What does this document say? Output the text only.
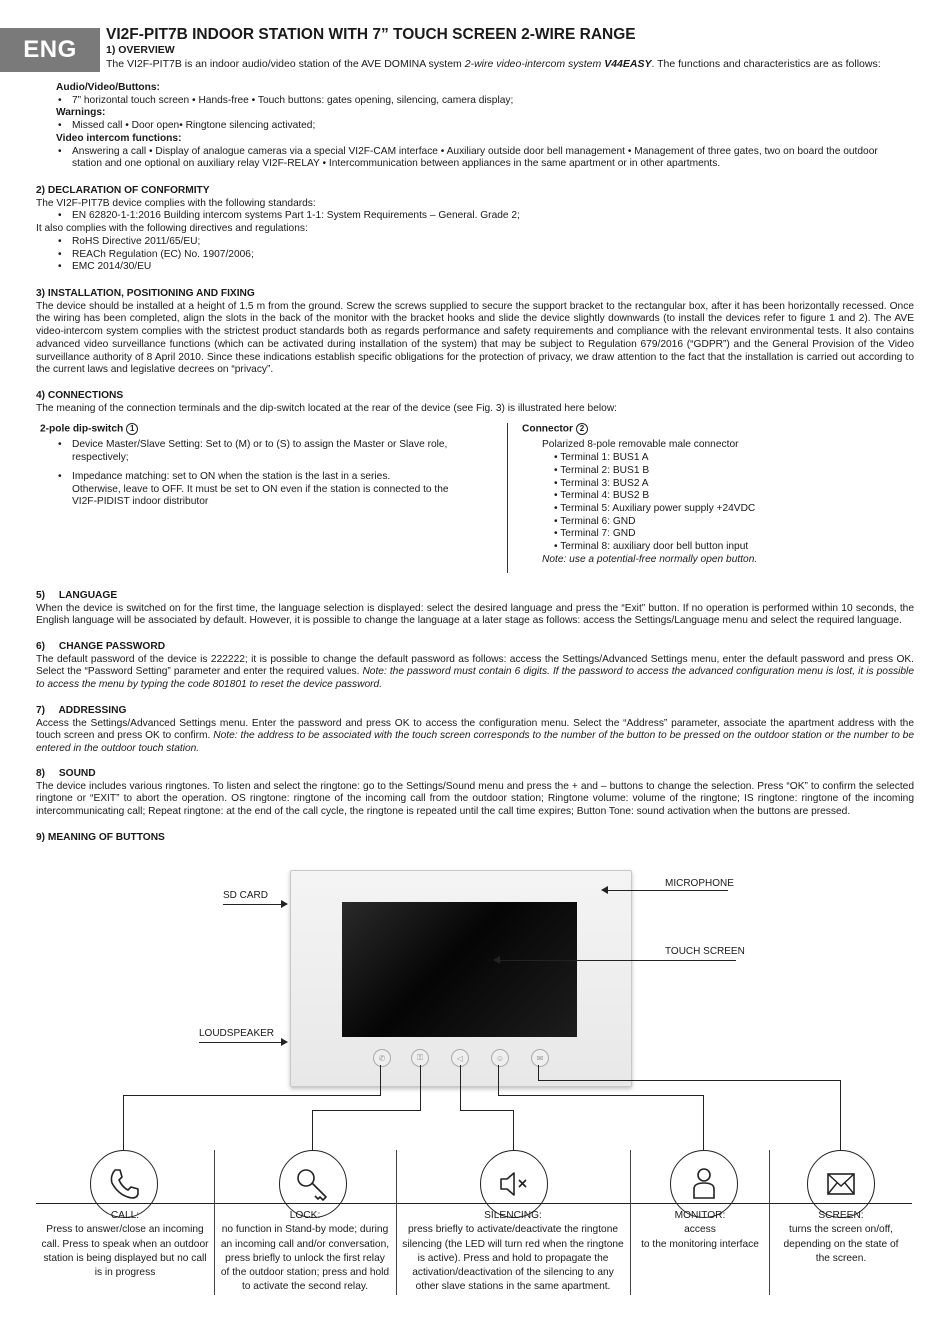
ENG
VI2F-PIT7B INDOOR STATION WITH 7” TOUCH SCREEN 2-WIRE RANGE
1) OVERVIEW
The VI2F-PIT7B is an indoor audio/video station of the AVE DOMINA system 2-wire video-intercom system V44EASY. The functions and characteristics are as follows:
Audio/Video/Buttons:
• 7” horizontal touch screen • Hands-free • Touch buttons: gates opening, silencing, camera display;
Warnings:
• Missed call • Door open• Ringtone silencing activated;
Video intercom functions:
• Answering a call • Display of analogue cameras via a special VI2F-CAM interface • Auxiliary outside door bell management • Management of three gates, two on board the outdoor station and one optional on auxiliary relay VI2F-RELAY • Intercommunication between appliances in the same apartment or in other apartments.
2) DECLARATION OF CONFORMITY

The VI2F-PIT7B device complies with the following standards:

• EN 62820-1-1:2016 Building intercom systems Part 1-1: System Requirements – General. Grade 2;

It also complies with the following directives and regulations:

• RoHS Directive 2011/65/EU;
• REACh Regulation (EC) No. 1907/2006;
• EMC 2014/30/EU
3) INSTALLATION, POSITIONING AND FIXING

The device should be installed at a height of 1.5 m from the ground. Screw the screws supplied to secure the support bracket to the rectangular box, after it has been horizontally recessed. Once the wiring has been completed, align the slots in the back of the monitor with the bracket hooks and slide the device slightly downwards (to install the devices refer to figure 1 and 2). The AVE video-intercom system complies with the strictest product standards both as regards performance and safety requirements and compliance with the relevant environmental tests. It also contains advanced video surveillance functions (which can be activated during installation of the system) that may be subject to Regulation 679/2016 (“GDPR”) and the General Provision of the Video surveillance authority of 8 April 2010. Since these indications establish specific obligations for the protection of privacy, we draw attention to the fact that the installation is carried out according to the current laws and legislative decrees on “privacy”.

4) CONNECTIONS

The meaning of the connection terminals and the dip-switch located at the rear of the device (see Fig. 3) is illustrated here below:

2-pole dip-switch 1
• Device Master/Slave Setting: Set to (M) or to (S) to assign the Master or Slave role, respectively;
• Impedance matching: set to ON when the station is the last in a series.
Otherwise, leave to OFF. It must be set to ON even if the station is connected to the
VI2F-PIDIST indoor distributor
Connector 2
Polarized 8-pole removable male connector
• Terminal 1: BUS1 A
• Terminal 2: BUS1 B
• Terminal 3: BUS2 A
• Terminal 4: BUS2 B
• Terminal 5: Auxiliary power supply +24VDC
• Terminal 6: GND
• Terminal 7: GND
• Terminal 8: auxiliary door bell button input
Note: use a potential-free normally open button.
5) LANGUAGE

When the device is switched on for the first time, the language selection is displayed: select the desired language and press the “Exit” button. If no operation is performed within 10 seconds, the English language will be associated by default. However, it is possible to change the language at a later stage as follows: access the Settings/Language menu and select the required language.

6) CHANGE PASSWORD

The default password of the device is 222222; it is possible to change the default password as follows: access the Settings/Advanced Settings menu, enter the default password and press OK. Select the “Password Setting” parameter and enter the required values. Note: the password must contain 6 digits. If the password to access the advanced configuration menu is lost, it is possible to access the menu by typing the code 801801 to reset the device password.

7) ADDRESSING

Access the Settings/Advanced Settings menu. Enter the password and press OK to access the configuration menu. Select the “Address” parameter, associate the apartment address with the touch screen and press OK to confirm. Note: the address to be associated with the touch screen corresponds to the number of the button to be pressed on the outdoor station or the number to be entered in the outdoor touch station.

8) SOUND

The device includes various ringtones. To listen and select the ringtone: go to the Settings/Sound menu and press the + and – buttons to change the selection. Press “OK” to confirm the selected ringtone or “EXIT” to abort the operation. OS ringtone: ringtone of the incoming call from the outdoor station; Ringtone volume: volume of the ringtone; IS ringtone: ringtone of the incoming intercommunicating call; Repeat ringtone: at the end of the call cycle, the ringtone is repeated until the call time expires; Button Tone: sound activation when the buttons are pressed.

9) MEANING OF BUTTONS
✆	⚿	◁	☺	✉
SD CARD
LOUDSPEAKER
MICROPHONE
TOUCH SCREEN
CALL:
Press to answer/close an incoming
call. Press to speak when an outdoor
station is being displayed but no call
is in progress
LOCK:
no function in Stand-by mode; during
an incoming call and/or conversation,
press briefly to unlock the first relay
of the outdoor station; press and hold
to activate the second relay.
SILENCING:
press briefly to activate/deactivate the ringtone
silencing (the LED will turn red when the ringtone
is active). Press and hold to propagate the
activation/deactivation of the silencing to any
other slave stations in the same apartment.
MONITOR:
access
to the monitoring interface
SCREEN:
turns the screen on/off,
depending on the state of
the screen.
